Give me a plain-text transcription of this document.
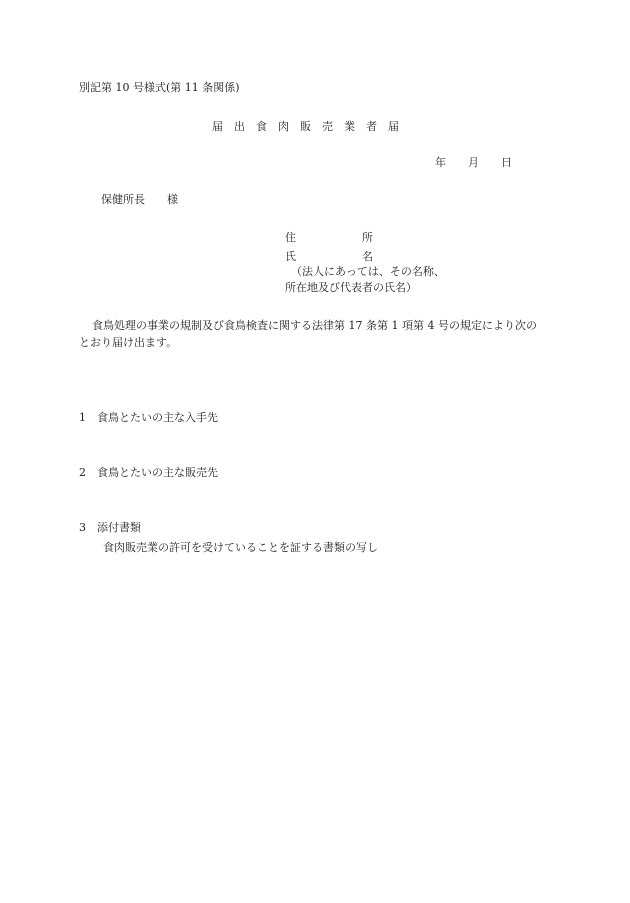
別記第 10 号様式(第 11 条関係)
届　出　食　肉　販　売　業　者　届
年　　月　　日
保健所長　　様
住　　　　　　所
氏　　　　　　名
（法人にあっては、その名称、
所在地及び代表者の氏名）
食鳥処理の事業の規制及び食鳥検査に関する法律第 17 条第 1 項第 4 号の規定により次の
とおり届け出ます。
1　食鳥とたいの主な入手先
2　食鳥とたいの主な販売先
3　添付書類
食肉販売業の許可を受けていることを証する書類の写し
